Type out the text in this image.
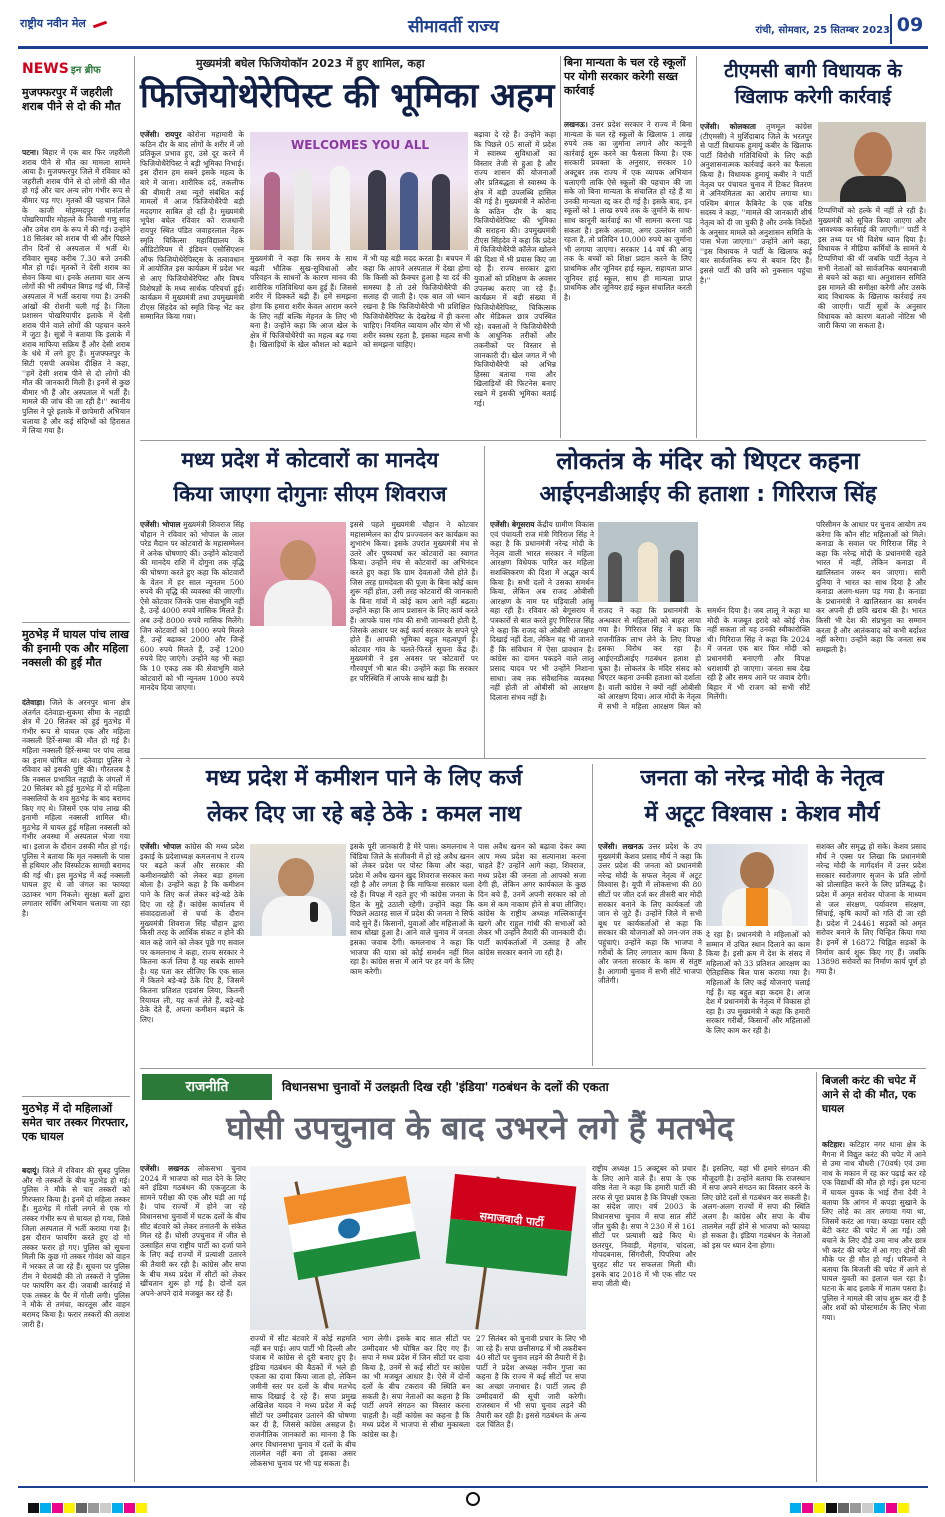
राष्ट्रीय नवीन मेल	सीमावर्ती राज्य	रांची, सोमवार, 25 सितम्बर 2023 09
NEWS इन ब्रीफ
मुजफ्फरपुर में जहरीली शराब पीने से दो की मौत
पटना। बिहार में एक बार फिर जहरीली शराब पीने से मौत का मामला सामने आया है। मुजफ्फरपुर जिले में रविवार को जहरीली शराब पीने से दो लोगों की मौत हो गई और चार अन्य लोग गंभीर रूप से बीमार पड़ गए। मृतकों की पहचान जिले के काजी मोहम्मदपुर थानांतर्गत पोखरियापीर मोहल्ले के निवासी गणु साह और उमेश राम के रूप में की गई। उन्होंने 18 सितंबर को शराब पी थी और पिछले तीन दिनों से अस्पताल में भर्ती थे। रविवार सुबह करीब 7.30 बजे उनकी मौत हो गई। मृतकों ने देसी शराब का सेवन किया था। इनके अलावा चार अन्य लोगों की भी तबीयत बिगड़ गई थी, जिन्हें अस्पताल में भर्ती कराया गया है। उनकी आंखों की रोशनी चली गई है। जिला प्रशासन पोखरियापीर इलाके में देसी शराब पीने वाले लोगों की पहचान करने में जुटा है। सूत्रों ने बताया कि इलाके में शराब माफिया सक्रिय हैं और देसी शराब के धंधे में लगे हुए हैं। मुजफ्फरपुर के सिटी एसपी अवधेश दीक्षित ने कहा, ''हमें देसी शराब पीने से दो लोगों की मौत की जानकारी मिली है। इनमें से कुछ बीमार भी हैं और अस्पताल में भर्ती हैं। मामले की जांच की जा रही है।'' स्थानीय पुलिस ने पूरे इलाके में छापेमारी अभियान चलाया है और कई संदिग्धों को हिरासत में लिया गया है।
मुठभेड़ में घायल पांच लाख की इनामी एक और महिला नक्सली की हुई मौत
दंतेवाड़ा। जिले के अरनपुर थाना क्षेत्र अंतर्गत दंतेवाड़ा-सुकमा सीमा के नहाड़ी क्षेत्र में 20 सितंबर को हुई मुठभेड़ में गंभीर रूप से घायल एक और महिला नक्सली हिर्रे-सम्बा की मौत हो गई है। महिला नक्सली हिर्रे-सम्बा पर पांच लाख का इनाम घोषित था। दंतेवाड़ा पुलिस ने रविवार को इसकी पुष्टि की। गौरतलब है कि नक्सल प्रभावित नहाड़ी के जंगलों में 20 सितंबर को हुई मुठभेड़ में दो महिला नक्सलियों के शव मुठभेड़ के बाद बरामद किए गए थे। जिसमें एक पांच लाख की इनामी महिला नक्सली शामिल थी। मुठभेड़ में घायल हुई महिला नक्सली को गंभीर अवस्था में अस्पताल भेजा गया था। इलाज के दौरान उसकी मौत हो गई। पुलिस ने बताया कि मृत नक्सली के पास से हथियार और विस्फोटक सामग्री बरामद की गई थी। इस मुठभेड़ में कई नक्सली घायल हुए थे जो जंगल का फायदा उठाकर भाग निकले। सुरक्षा बलों द्वारा लगातार सर्चिंग अभियान चलाया जा रहा है।
मुठभेड़ में दो महिलाओं समेत चार तस्कर गिरफ्तार, एक घायल
बदायूं। जिले में रविवार की सुबह पुलिस और गो तस्करों के बीच मुठभेड़ हो गई। पुलिस ने मौके से चार तस्करों को गिरफ्तार किया है। इनमें दो महिला तस्कर हैं। मुठभेड़ में गोली लगने से एक गो तस्कर गंभीर रूप से घायल हो गया, जिसे जिला अस्पताल में भर्ती कराया गया है। इस दौरान फायरिंग करते हुए दो गो तस्कर फरार हो गए। पुलिस को सूचना मिली कि कुछ गो तस्कर गोवंश को वाहन में भरकर ले जा रहे हैं। सूचना पर पुलिस टीम ने घेराबंदी की तो तस्करों ने पुलिस पर फायरिंग कर दी। जवाबी कार्रवाई में एक तस्कर के पैर में गोली लगी। पुलिस ने मौके से तमंचा, कारतूस और वाहन बरामद किया है। फरार तस्करों की तलाश जारी है।
मुख्यमंत्री बघेल फिजियोकॉन 2023 में हुए शामिल, कहा
फिजियोथेरेपिस्ट की भूमिका अहम
एजेंसी। रायपुर कोरोना महामारी के कठिन दौर के बाद लोगों के शरीर में जो प्रतिकूल प्रभाव हुए, उसे दूर करने में फिजियोथैरेपिस्ट ने बड़ी भूमिका निभाई। इस दौरान हम सबने इसके महत्व के बारे में जाना। शारीरिक दर्द, तकलीफ की बीमारी तथा न्यूरो संबंधित कई मामलों में आज फिजियोथैरेपी बड़ी मददगार साबित हो रही है। मुख्यमंत्री भूपेश बघेल रविवार को राजधानी रायपुर स्थित पंडित जवाहरलाल नेहरू स्मृति चिकित्सा महाविद्यालय के ऑडिटोरियम में इंडियन एसोसिएशन ऑफ फिजियोथेरेपिस्ट्स के तत्वावधान में आयोजित इस कार्यक्रम में प्रदेश भर से आए फिजियोथेरेपिस्ट और विषय विशेषज्ञों के मध्य सार्थक परिचर्चा हुई। कार्यक्रम में मुख्यमंत्री तथा उपमुख्यमंत्री टीएस सिंहदेव को स्मृति चिन्ह भेंट कर सम्मानित किया गया।
WELCOMES YOU ALL
मुख्यमंत्री ने कहा कि समय के साथ बढ़ती भौतिक सुख-सुविधाओं और परिवहन के साधनों के कारण मानव की शारीरिक गतिविधियां कम हुई हैं। जिससे शरीर में दिक्कतें बढ़ी हैं। हमें समझना होगा कि हमारा शरीर केवल आराम करने के लिए नहीं बल्कि मेहनत के लिए भी बना है। उन्होंने कहा कि आज खेल के क्षेत्र में फिजियोथैरेपी का महत्व बढ़ गया है। खिलाड़ियों के खेल कौशल को बढ़ाने में भी यह बड़ी मदद करता है। बचपन में कहा कि आपने अस्पताल में देखा होगा कि किसी को फ्रैक्चर हुआ है या दर्द की समस्या है तो उसे फिजियोथैरेपी की सलाह दी जाती है। एक बात जो ध्यान रखना है कि फिजियोथैरेपी भी प्रशिक्षित फिजियोथैरेपिस्ट के देखरेख में ही करना चाहिए। नियमित व्यायाम और योग से भी शरीर स्वस्थ रहता है, इसका महत्व सभी को समझना चाहिए।
बढ़ावा दे रहे हैं। उन्होंने कहा कि पिछले 05 सालों में प्रदेश में स्वास्थ्य सुविधाओं का विस्तार तेजी से हुआ है और राज्य शासन की योजनाओं और प्रतिबद्धता से स्वास्थ्य के क्षेत्र में बड़ी उपलब्धि हासिल की गई है। मुख्यमंत्री ने कोरोना के कठिन दौर के बाद फिजियोथेरेपिस्ट की भूमिका की सराहना की। उपमुख्यमंत्री टीएस सिंहदेव ने कहा कि प्रदेश में फिजियोथैरेपी कॉलेज खोलने की दिशा में भी प्रयास किए जा रहे हैं। राज्य सरकार द्वारा युवाओं को प्रशिक्षण के अवसर उपलब्ध कराए जा रहे हैं। कार्यक्रम में बड़ी संख्या में फिजियोथैरेपिस्ट, चिकित्सक और मेडिकल छात्र उपस्थित रहे। वक्ताओं ने फिजियोथैरेपी के आधुनिक तरीकों और तकनीकों पर विस्तार से जानकारी दी। खेल जगत में भी फिजियोथैरेपी को अभिन्न हिस्सा बताया गया और खिलाड़ियों की फिटनेस बनाए रखने में इसकी भूमिका बताई गई।
बिना मान्यता के चल रहे स्कूलों पर योगी सरकार करेगी सख्त कार्रवाई
लखनऊ। उत्तर प्रदेश सरकार ने राज्य में बिना मान्यता के चल रहे स्कूलों के खिलाफ 1 लाख रुपये तक का जुर्माना लगाने और कानूनी कार्रवाई शुरू करने का फैसला किया है। एक सरकारी प्रवक्ता के अनुसार, सरकार 10 अक्टूबर तक राज्य में एक व्यापक अभियान चलाएगी ताकि ऐसे स्कूलों की पहचान की जा सके जो बिना मान्यता के संचालित हो रहे हैं या उनकी मान्यता रद्द कर दी गई है। इसके बाद, इन स्कूलों को 1 लाख रुपये तक के जुर्माने के साथ-साथ कानूनी कार्रवाई का भी सामना करना पड़ सकता है। इसके अलावा, अगर उल्लंघन जारी रहता है, तो प्रतिदिन 10,000 रुपये का जुर्माना भी लगाया जाएगा। सरकार 14 वर्ष की आयु तक के बच्चों को शिक्षा प्रदान करने के लिए प्राथमिक और जूनियर हाई स्कूल, सहायता प्राप्त जूनियर हाई स्कूल, साथ ही मान्यता प्राप्त प्राथमिक और जूनियर हाई स्कूल संचालित करती है।
टीएमसी बागी विधायक के खिलाफ करेगी कार्रवाई
एजेंसी। कोलकाता तृणमूल कांग्रेस (टीएमसी) ने मुर्शिदाबाद जिले के भरतपुर से पार्टी विधायक हुमायूं कबीर के खिलाफ पार्टी विरोधी गतिविधियों के लिए कड़ी अनुशासनात्मक कार्रवाई करने का फैसला किया है। विधायक हुमायूं कबीर ने पार्टी नेतृत्व पर पंचायत चुनाव में टिकट वितरण में अनियमितता का आरोप लगाया था। पश्चिम बंगाल कैबिनेट के एक वरिष्ठ सदस्य ने कहा, ''मामले की जानकारी शीर्ष नेतृत्व को दी जा चुकी है और उनके निर्देशों के अनुसार मामले को अनुशासन समिति के पास भेजा जाएगा।'' उन्होंने आगे कहा, ''इस विधायक ने पार्टी के खिलाफ कई बार सार्वजनिक रूप से बयान दिए हैं। इससे पार्टी की छवि को नुकसान पहुंचा है।''
टिप्पणियों को हल्के में नहीं ले रही है। मुख्यमंत्री को सूचित किया जाएगा और आवश्यक कार्रवाई की जाएगी।'' पार्टी ने इस तथ्य पर भी विशेष ध्यान दिया है। विधायक ने मीडिया कर्मियों के सामने ये टिप्पणियां की थीं जबकि पार्टी नेतृत्व ने सभी नेताओं को सार्वजनिक बयानबाजी से बचने को कहा था। अनुशासन समिति इस मामले की समीक्षा करेगी और उसके बाद विधायक के खिलाफ कार्रवाई तय की जाएगी। पार्टी सूत्रों के अनुसार विधायक को कारण बताओ नोटिस भी जारी किया जा सकता है।
मध्य प्रदेश में कोटवारों का मानदेय
किया जाएगा दोगुनाः सीएम शिवराज
एजेंसी। भोपाल मुख्यमंत्री शिवराज सिंह चौहान ने रविवार को भोपाल के लाल परेड मैदान पर कोटवारों के महासम्मेलन में अनेक घोषणाएं कीं। उन्होंने कोटवारों की मानदेय राशि में दोगुना तक वृद्धि की घोषणा करते हुए कहा कि कोटवारों के वेतन में हर साल न्यूनतम 500 रुपये की वृद्धि की व्यवस्था की जाएगी। ऐसे कोटवार जिनके पास सेवाभूमि नहीं है, उन्हें 4000 रुपये मासिक मिलते हैं। अब उन्हें 8000 रुपये मासिक मिलेंगे। जिन कोटवारों को 1000 रुपये मिलते हैं, उन्हें बढ़ाकर 2000 और जिन्हें 600 रुपये मिलते हैं, उन्हें 1200 रुपये दिए जाएंगे। उन्होंने यह भी कहा कि 10 एकड़ तक की सेवाभूमि वाले कोटवारों को भी न्यूनतम 1000 रुपये मानदेय दिया जाएगा।
इससे पहले मुख्यमंत्री चौहान ने कोटवार महासम्मेलन का दीप प्रज्ज्वलन कर कार्यक्रम का शुभारंभ किया। इसके उपरांत मुख्यमंत्री मंच से उतरे और पुष्पवर्षा कर कोटवारों का स्वागत किया। उन्होंने मंच से कोटवारों का अभिनंदन करते हुए कहा कि ग्राम देवताओं जैसे होते हैं। जिस तरह ग्रामदेवता की पूजा के बिना कोई काम शुरू नहीं होता, उसी तरह कोटवारों की जानकारी के बिना गांवों में कोई काम आगे नहीं बढ़ता। उन्होंने कहा कि आप प्रशासन के लिए कार्य करते हैं। आपके पास गांव की सभी जानकारी होती है, जिसके आधार पर कई कार्य सरकार के सपने पूरे होते हैं। आपकी भूमिका बहुत महत्वपूर्ण है। कोटवार गांव के चलते-फिरते सूचना केंद्र हैं। मुख्यमंत्री ने इस अवसर पर कोटवारों पर गौरवपूर्ण भी बात की। उन्होंने कहा कि सरकार हर परिस्थिति में आपके साथ खड़ी है।
लोकतंत्र के मंदिर को थिएटर कहना
आईएनडीआईए की हताशा : गिरिराज सिंह
एजेंसी। बेगूसराय केंद्रीय ग्रामीण विकास एवं पंचायती राज मंत्री गिरिराज सिंह ने कहा है कि प्रधानमंत्री नरेन्द्र मोदी के नेतृत्व वाली भारत सरकार ने महिला आरक्षण विधेयक पारित कर महिला सशक्तिकरण की दिशा में अद्भुत कार्य किया है। सभी दलों ने उसका समर्थन किया, लेकिन अब राजद ओबीसी आरक्षण के नाम पर घड़ियाली आंसू बहा रही है। रविवार को बेगूसराय में पत्रकारों से बात करते हुए गिरिराज सिंह ने कहा कि राजद को ओबीसी आरक्षण दिखाई नहीं देता, लेकिन वह भी जानते हैं कि संविधान में ऐसा प्रावधान है। कांग्रेस का दामन पकड़ने वाले लालू प्रसाद यादव पर भी उन्होंने निशाना साधा। जब तक संवैधानिक व्यवस्था नहीं होती तो ओबीसी को आरक्षण दिलाना संभव नहीं है।
राजद ने कहा कि प्रधानमंत्री के अन्धकार से महिलाओं को बाहर लाया गया है। गिरिराज सिंह ने कहा कि राजनीतिक लाभ लेने के लिए विपक्ष इसका विरोध कर रहा है। आईएनडीआईए गठबंधन हताश हो चुका है। लोकतंत्र के मंदिर संसद को थिएटर कहना उनकी हताशा को दर्शाता है। वाली कांग्रेस ने क्यों नहीं ओबीसी को आरक्षण दिया। आज मोदी के नेतृत्व में सभी ने महिला आरक्षण बिल को समर्थन दिया है। जब लालू ने कहा था मोदी के मजबूत इरादे को कोई रोक नहीं सकता तो यह उनकी स्वीकारोक्ति थी। गिरिराज सिंह ने कहा कि 2024 में जनता एक बार फिर मोदी को प्रधानमंत्री बनाएगी और विपक्ष धराशायी हो जाएगा। जनता सब देख रही है और समय आने पर जवाब देगी। बिहार में भी राजग को सभी सीटें मिलेंगी।
परिसीमन के आधार पर चुनाव आयोग तय करेगा कि कौन सीट महिलाओं को मिले। कनाडा के सवाल पर गिरिराज सिंह ने कहा कि नरेन्द्र मोदी के प्रधानमंत्री रहते भारत में नहीं, लेकिन कनाडा में खालिस्तान जरूर बन जाएगा। सारी दुनिया ने भारत का साथ दिया है और कनाडा अलग-थलग पड़ गया है। कनाडा के प्रधानमंत्री ने खालिस्तान का समर्थन कर अपनी ही छवि खराब की है। भारत किसी भी देश की संप्रभुता का सम्मान करता है और आतंकवाद को कभी बर्दाश्त नहीं करेगा। उन्होंने कहा कि जनता सब समझती है।
मध्य प्रदेश में कमीशन पाने के लिए कर्ज
लेकर दिए जा रहे बड़े ठेके : कमल नाथ
एजेंसी। भोपाल कांग्रेस की मध्य प्रदेश इकाई के प्रदेशाध्यक्ष कमलनाथ ने राज्य पर बढ़ते कर्ज और सरकार की कमीशनखोरी को लेकर बड़ा हमला बोला है। उन्होंने कहा है कि कमीशन पाने के लिए कर्ज लेकर बड़े-बड़े ठेके दिए जा रहे हैं। कांग्रेस कार्यालय में संवाददाताओं से चर्चा के दौरान मुख्यमंत्री शिवराज सिंह चौहान द्वारा किसी तरह के आर्थिक संकट न होने की बात कहे जाने को लेकर पूछे गए सवाल पर कमलनाथ ने कहा, राज्य सरकार ने कितना कर्ज लिया है यह सबके सामने है। यह पता कर लीजिए कि एक साल में कितने बड़े-बड़े ठेके दिए हैं, जिसमें कितना प्रतिशत एडवांस लिया, कितनी रियायत ली, यह कर्ज लेते हैं, बड़े-बड़े ठेके देते हैं, अपना कमीशन बढ़ाने के लिए।
इसके पूरी जानकारी है मेरे पास। कमलनाथ ने चिंडिया जिले के संजीवनी में हो रहे अवैध खनन को लेकर प्रदेश पर पोस्ट किया और कहा, प्रदेश में अवैध खनन खुद शिवराज सरकार करा रही है और लगता है कि माफिया सरकार चला रहे हैं। विपक्ष में रहते हुए भी कांग्रेस जनता के हित के मुद्दे उठाती रहेगी। उन्होंने कहा कि पिछले अठारह साल में प्रदेश की जनता ने सिर्फ वादे सुने हैं। किसानों, युवाओं और महिलाओं के साथ धोखा हुआ है। आने वाले चुनाव में जनता इसका जवाब देगी। कमलनाथ ने कहा कि भाजपा की यात्रा को कोई समर्थन नहीं मिल रहा है। कांग्रेस सत्ता में आने पर हर वर्ग के लिए काम करेगी।
पास अवैध खनन को बढ़ावा देकर क्या आप मध्य प्रदेश का सत्यानाश करना चाहते हैं? उन्होंने आगे कहा, शिवराज, मध्य प्रदेश की जनता तो आपको सजा देगी ही, लेकिन अगर कार्यकाल के कुछ दिन बचे हैं, उनमें अपनी सरकार को तो कम से कम नाकाम होने से बचा लीजिए। कांग्रेस के राष्ट्रीय अध्यक्ष मल्लिकार्जुन खरगे और राहुल गांधी की सभाओं को लेकर भी उन्होंने तैयारी की जानकारी दी। पार्टी कार्यकर्ताओं में उत्साह है और कांग्रेस सरकार बनाने जा रही है।
जनता को नरेन्द्र मोदी के नेतृत्व
में अटूट विश्वास : केशव मौर्य
एजेंसी। लखनऊ उत्तर प्रदेश के उप मुख्यमंत्री केशव प्रसाद मौर्य ने कहा कि उत्तर प्रदेश की जनता को प्रधानमंत्री नरेन्द्र मोदी के सफल नेतृत्व में अटूट विश्वास है। यूपी में लोकसभा की 80 सीटों पर जीत दर्ज कर तीसरी बार मोदी सरकार बनाने के लिए कार्यकर्ता जी जान से जुटे हैं। उन्होंने जिले में सभी बूथ पर कार्यकर्ताओं से कहा कि सरकार की योजनाओं को जन-जन तक पहुंचाएं। उन्होंने कहा कि भाजपा ने गरीबों के लिए लगातार काम किया है और जनता सरकार के काम से संतुष्ट है। आगामी चुनाव में सभी सीटें भाजपा जीतेगी।
दे रहा है। प्रधानमंत्री ने महिलाओं को सम्मान में उचित स्थान दिलाने का काम किया है। इसी क्रम में देश के संसद में महिलाओं को 33 प्रतिशत आरक्षण का ऐतिहासिक बिल पास कराया गया है। महिलाओं के लिए कई योजनाएं चलाई गई हैं। यह बहुत बड़ा कदम है। आज देश में प्रधानमंत्री के नेतृत्व में विकास हो रहा है। उप मुख्यमंत्री ने कहा कि हमारी सरकार गरीबों, किसानों और महिलाओं के लिए काम कर रही है।
सशक्त और समृद्ध हो सके। केशव प्रसाद मौर्य ने एक्स पर लिखा कि प्रधानमंत्री नरेन्द्र मोदी के मार्गदर्शन में उत्तर प्रदेश सरकार स्वरोजगार सृजन के प्रति लोगों को प्रोत्साहित करने के लिए प्रतिबद्ध है। प्रदेश में अमृत सरोवर योजना के माध्यम से जल संरक्षण, पर्यावरण संरक्षण, सिंचाई, कृषि कार्यों को गति दी जा रही है। प्रदेश में 24461 सड़कों को अमृत सरोवर बनाने के लिए चिन्हित किया गया है। इनमें से 16872 चिह्नित सड़कों के निर्माण कार्य शुरू किए गए हैं। जबकि 13898 सरोवरों का निर्माण कार्य पूर्ण हो गया है।
राजनीति	विधानसभा चुनावों में उलझती दिख रही 'इंडिया' गठबंधन के दलों की एकता
घोसी उपचुनाव के बाद उभरने लगे हैं मतभेद
एजेंसी। लखनऊ लोकसभा चुनाव 2024 में भाजपा को मात देने के लिए बने इंडिया गठबंधन की एकजुटता के सामने परीक्षा की एक और घड़ी आ गई है। पांच राज्यों में होने जा रहे विधानसभा चुनावों में घटक दलों के बीच सीट बंटवारे को लेकर तनातनी के संकेत मिल रहे हैं। घोसी उपचुनाव में जीत से उत्साहित सपा राष्ट्रीय पार्टी का दर्जा पाने के लिए कई राज्यों में प्रत्याशी उतारने की तैयारी कर रही है। कांग्रेस और सपा के बीच मध्य प्रदेश में सीटों को लेकर खींचतान शुरू हो गई है। दोनों दल अपने-अपने दावे मजबूत कर रहे हैं।
समाजवादी पार्टी
राज्यों में सीट बंटवारे में कोई सहमति नहीं बन पाई। आप पार्टी भी दिल्ली और पंजाब में कांग्रेस से दूरी बनाए हुए है। इंडिया गठबंधन की बैठकों में भले ही एकता का दावा किया जाता हो, लेकिन जमीनी स्तर पर दलों के बीच मतभेद साफ दिखाई दे रहे हैं। सपा प्रमुख अखिलेश यादव ने मध्य प्रदेश में कई सीटों पर उम्मीदवार उतारने की घोषणा कर दी है, जिससे कांग्रेस असहज है। राजनीतिक जानकारों का मानना है कि अगर विधानसभा चुनाव में दलों के बीच तालमेल नहीं बना तो इसका असर लोकसभा चुनाव पर भी पड़ सकता है।
भाग लेगी। इसके बाद सात सीटों पर उम्मीदवार भी घोषित कर दिए गए हैं। सपा ने मध्य प्रदेश में जिन सीटों पर दावा किया है, उनमें से कई सीटों पर कांग्रेस का भी मजबूत आधार है। ऐसे में दोनों दलों के बीच टकराव की स्थिति बन सकती है। सपा नेताओं का कहना है कि पार्टी अपने संगठन का विस्तार करना चाहती है। वहीं कांग्रेस का कहना है कि मध्य प्रदेश में भाजपा से सीधा मुकाबला कांग्रेस का है।
27 सितंबर को चुनावी प्रचार के लिए भी जा रहे हैं। सपा छत्तीसगढ़ में भी तकरीबन 40 सीटों पर चुनाव लड़ने की तैयारी में है। पार्टी ने प्रदेश अध्यक्ष नवीन गुप्ता का कहना है कि राज्य में कई सीटों पर सपा का अच्छा जनाधार है। पार्टी जल्द ही उम्मीदवारों की सूची जारी करेगी। राजस्थान में भी सपा चुनाव लड़ने की तैयारी कर रही है। इससे गठबंधन के अन्य दल चिंतित हैं।
राष्ट्रीय अध्यक्ष 15 अक्टूबर को प्रचार के लिए आने वाले हैं। सपा के एक वरिष्ठ नेता ने कहा कि हमारी पार्टी की तरफ से पूरा प्रयास है कि विपक्षी एकता का संदेश जाए। वर्ष 2003 के विधानसभा चुनाव में सपा सात सीटें जीत चुकी है। सपा ने 230 में से 161 सीटों पर प्रत्याशी खड़े किए थे। छतरपुर, निवाड़ी, मेहगांव, चांदला, गोपदबनास, सिंगरौली, पिपरिया और चुरहट सीट पर सफलता मिली थी। इसके बाद 2018 में भी एक सीट पर सपा जीती थी।
हैं। इसलिए, यहां भी हमारे संगठन की मौजूदगी है। उन्होंने बताया कि राजस्थान में सपा अपने संगठन का विस्तार करने के लिए छोटे दलों से गठबंधन कर सकती है। अलग-अलग राज्यों में सपा की स्थिति अलग है। कांग्रेस और सपा के बीच तालमेल नहीं होने से भाजपा को फायदा हो सकता है। इंडिया गठबंधन के नेताओं को इस पर ध्यान देना होगा।
बिजली करंट की चपेट में आने से दो की मौत, एक घायल
कटिहार। कटिहार नगर थाना क्षेत्र के मैगना में विद्युत करंट की चपेट में आने से उमा नाथ चौधरी (70वर्ष) एवं उमा नाथ के मकान में रह कर पढ़ाई कर रहे एक विद्यार्थी की मौत हो गई। इस घटना में घायल युवक के भाई रौना देवी ने बताया कि आंगन में कपड़ा सुखाने के लिए लोहे का तार लगाया गया था, जिसमें करंट आ गया। कपड़ा पसार रही बेटी करंट की चपेट में आ गई। उसे बचाने के लिए दौड़े उमा नाथ और छात्र भी करंट की चपेट में आ गए। दोनों की मौके पर ही मौत हो गई। परिजनों ने बताया कि बिजली की चपेट में आने से घायल युवती का इलाज चल रहा है। घटना के बाद इलाके में मातम पसरा है। पुलिस ने मामले की जांच शुरू कर दी है और शवों को पोस्टमार्टम के लिए भेजा गया।
